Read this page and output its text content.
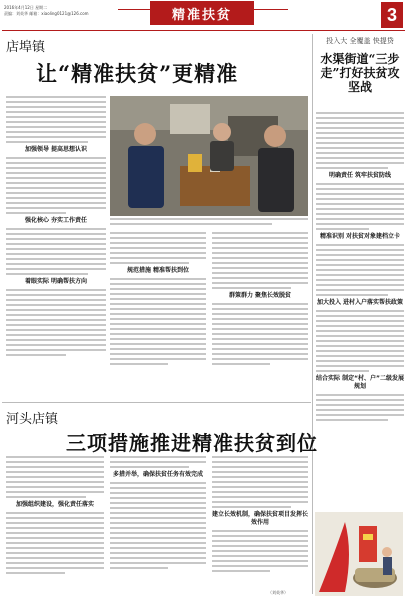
2016年4月12日 星期二
责编：刘英华 邮箱：xiaoling0121@126.com	精准扶贫	3
店埠镇
让“精准扶贫”更精准
加强领导 提高思想认识
强化核心 夯实工作责任
着眼实际 明确帮扶方向
规范措施 精准帮扶到位
群策群力 聚焦长效脱贫
投入大 全覆盖 快提贷
水渠街道“三步走”打好扶贫攻坚战
明确责任 筑牢扶贫防线
精准识别 对扶贫对象建档立卡
加大投入 进村入户落实帮扶政策
结合实际 制定“村、户”二级发展规划
河头店镇
三项措施推进精准扶贫到位
加强组织建设，强化责任落实
多措并举，确保扶贫任务有效完成
建立长效机制，确保扶贫项目发挥长效作用
（刘英华）
